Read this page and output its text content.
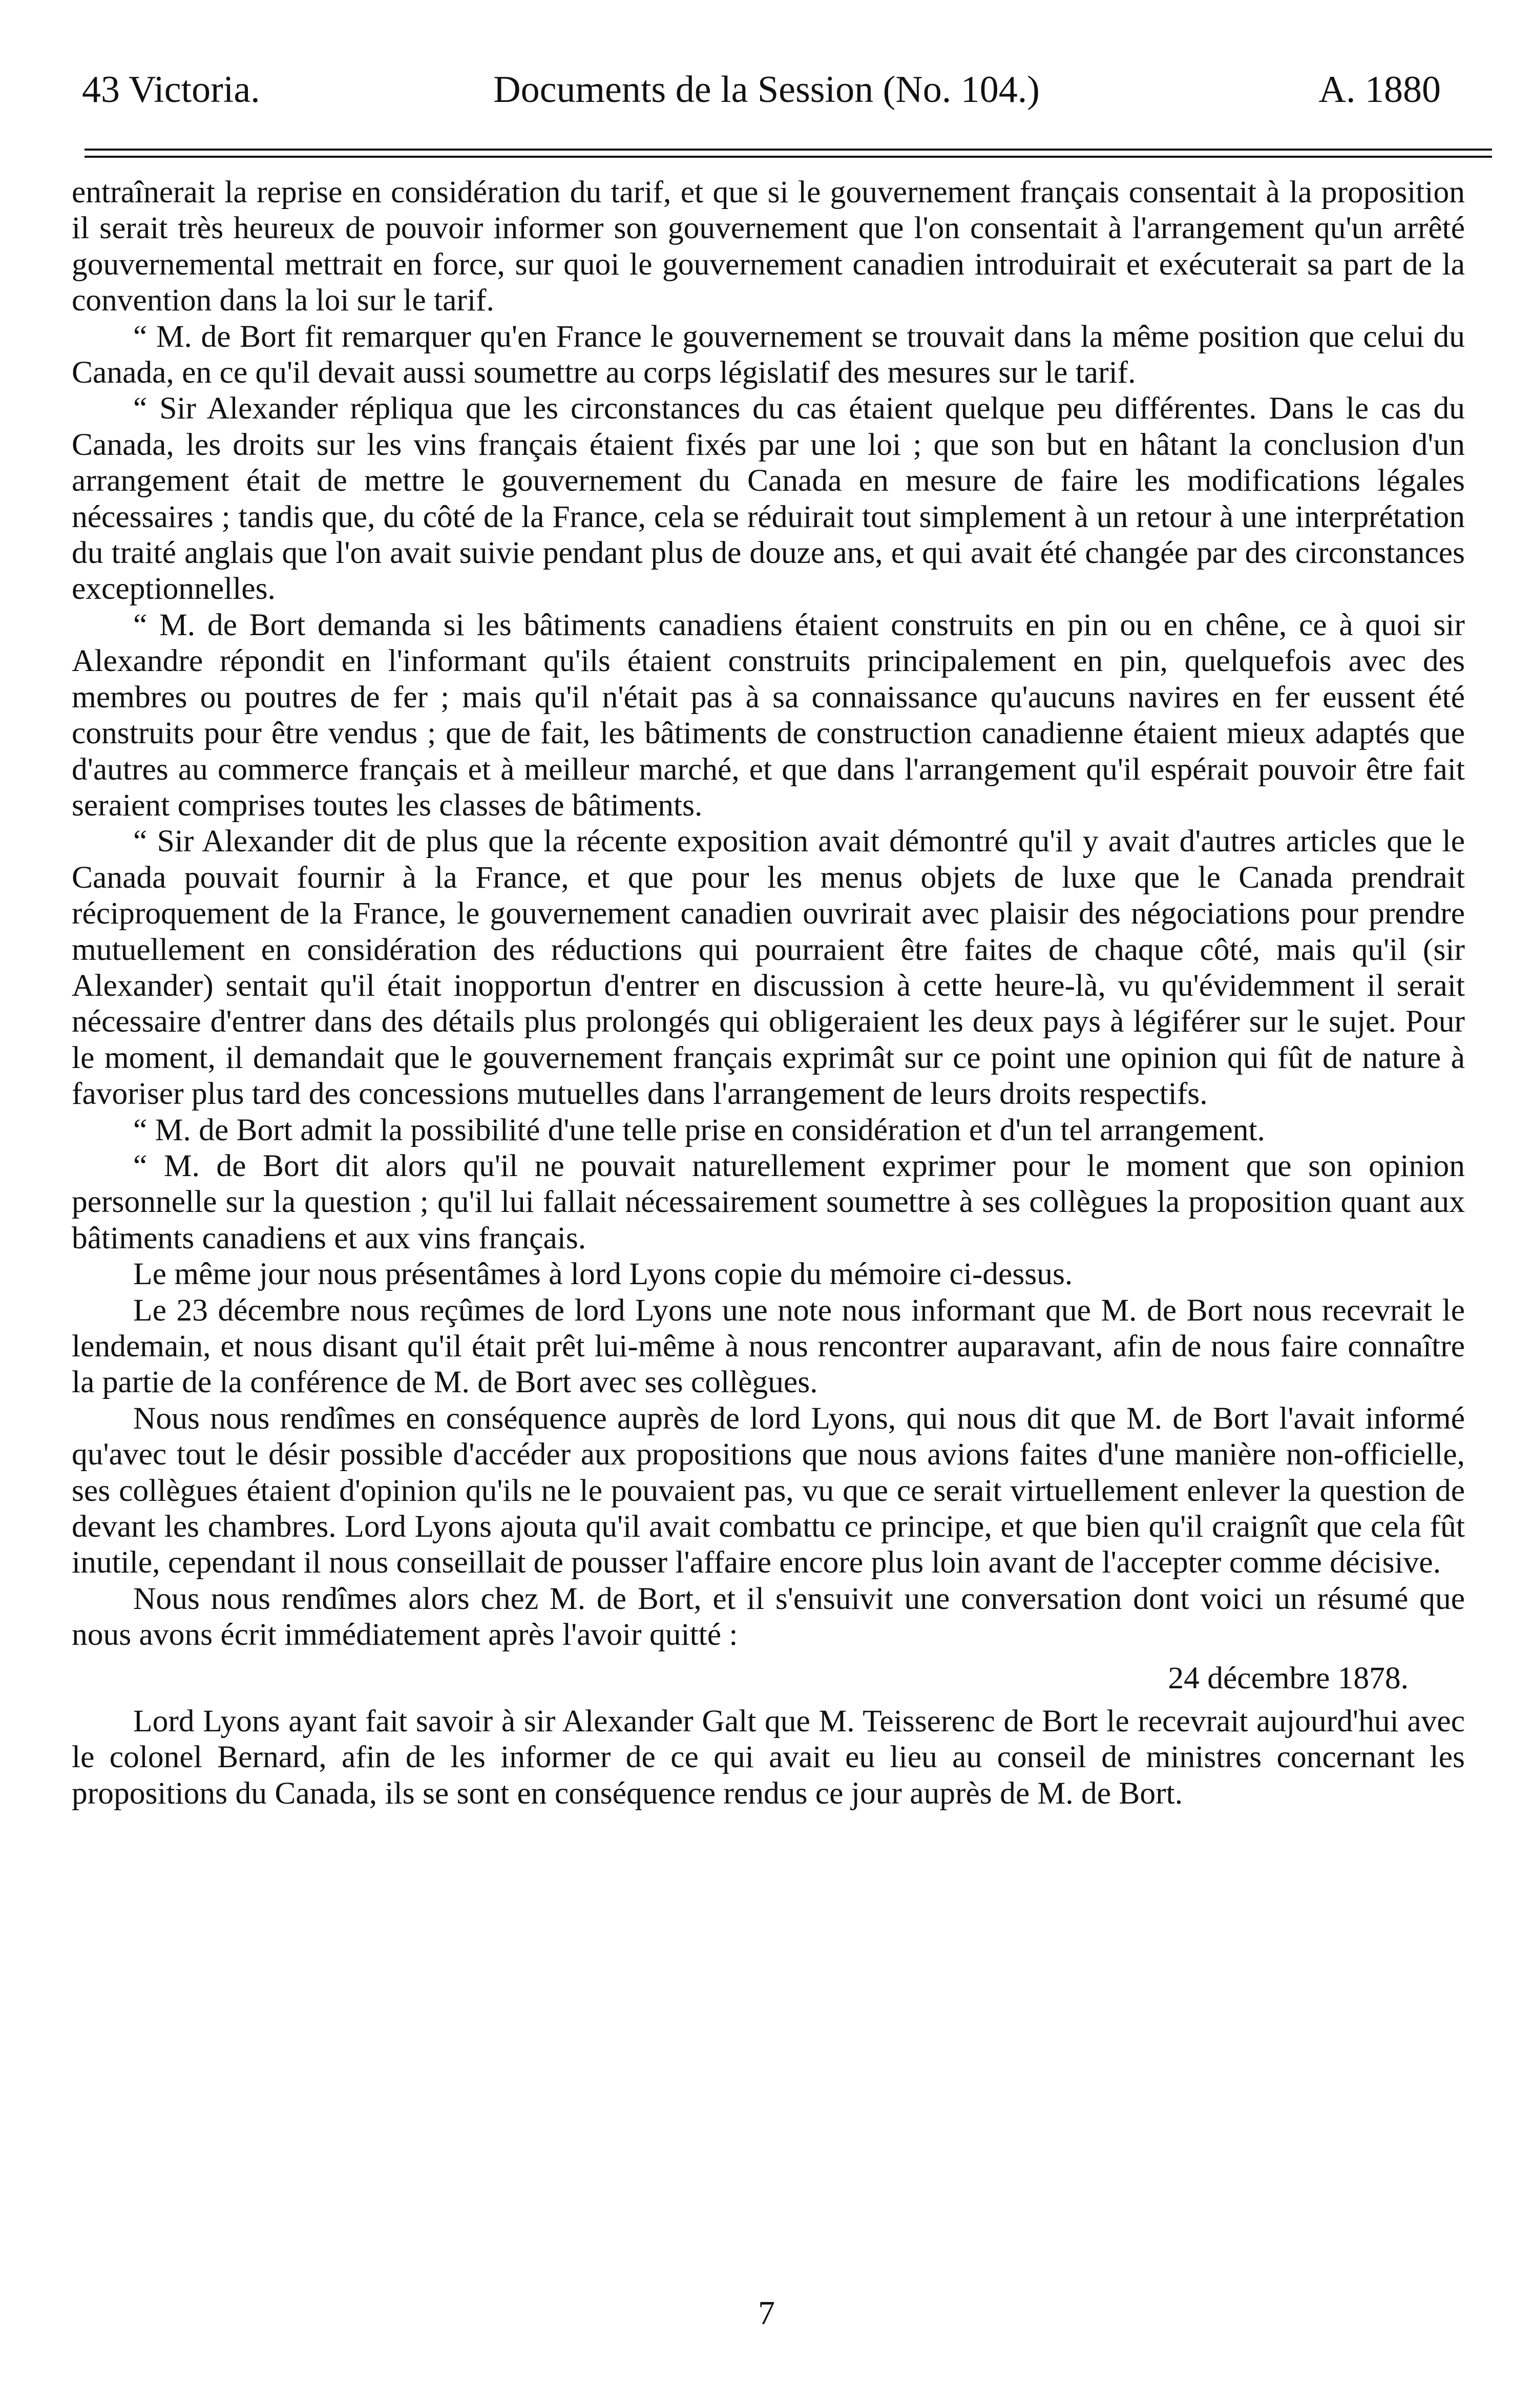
43 Victoria.	Documents de la Session (No. 104.)	A. 1880

entraînerait la reprise en considération du tarif, et que si le gouvernement français consentait à la proposition il serait très heureux de pouvoir informer son gouvernement que l'on consentait à l'arrangement qu'un arrêté gouvernemental mettrait en force, sur quoi le gouvernement canadien introduirait et exécuterait sa part de la convention dans la loi sur le tarif.

“ M. de Bort fit remarquer qu'en France le gouvernement se trouvait dans la même position que celui du Canada, en ce qu'il devait aussi soumettre au corps législatif des mesures sur le tarif.

“ Sir Alexander répliqua que les circonstances du cas étaient quelque peu différentes. Dans le cas du Canada, les droits sur les vins français étaient fixés par une loi ; que son but en hâtant la conclusion d'un arrangement était de mettre le gouvernement du Canada en mesure de faire les modifications légales nécessaires ; tandis que, du côté de la France, cela se réduirait tout simplement à un retour à une interprétation du traité anglais que l'on avait suivie pendant plus de douze ans, et qui avait été changée par des circonstances exceptionnelles.

“ M. de Bort demanda si les bâtiments canadiens étaient construits en pin ou en chêne, ce à quoi sir Alexandre répondit en l'informant qu'ils étaient construits principalement en pin, quelquefois avec des membres ou poutres de fer ; mais qu'il n'était pas à sa connaissance qu'aucuns navires en fer eussent été construits pour être vendus ; que de fait, les bâtiments de construction canadienne étaient mieux adaptés que d'autres au commerce français et à meilleur marché, et que dans l'arrangement qu'il espérait pouvoir être fait seraient comprises toutes les classes de bâtiments.

“ Sir Alexander dit de plus que la récente exposition avait démontré qu'il y avait d'autres articles que le Canada pouvait fournir à la France, et que pour les menus objets de luxe que le Canada prendrait réciproquement de la France, le gouvernement canadien ouvrirait avec plaisir des négociations pour prendre mutuellement en considération des réductions qui pourraient être faites de chaque côté, mais qu'il (sir Alexander) sentait qu'il était inopportun d'entrer en discussion à cette heure-là, vu qu'évidemment il serait nécessaire d'entrer dans des détails plus prolongés qui obligeraient les deux pays à légiférer sur le sujet. Pour le moment, il demandait que le gouvernement français exprimât sur ce point une opinion qui fût de nature à favoriser plus tard des concessions mutuelles dans l'arrangement de leurs droits respectifs.

“ M. de Bort admit la possibilité d'une telle prise en considération et d'un tel arrangement.

“ M. de Bort dit alors qu'il ne pouvait naturellement exprimer pour le moment que son opinion personnelle sur la question ; qu'il lui fallait nécessairement soumettre à ses collègues la proposition quant aux bâtiments canadiens et aux vins français.

Le même jour nous présentâmes à lord Lyons copie du mémoire ci-dessus.

Le 23 décembre nous reçûmes de lord Lyons une note nous informant que M. de Bort nous recevrait le lendemain, et nous disant qu'il était prêt lui-même à nous rencontrer auparavant, afin de nous faire connaître la partie de la conférence de M. de Bort avec ses collègues.

Nous nous rendîmes en conséquence auprès de lord Lyons, qui nous dit que M. de Bort l'avait informé qu'avec tout le désir possible d'accéder aux propositions que nous avions faites d'une manière non-officielle, ses collègues étaient d'opinion qu'ils ne le pouvaient pas, vu que ce serait virtuellement enlever la question de devant les chambres. Lord Lyons ajouta qu'il avait combattu ce principe, et que bien qu'il craignît que cela fût inutile, cependant il nous conseillait de pousser l'affaire encore plus loin avant de l'accepter comme décisive.

Nous nous rendîmes alors chez M. de Bort, et il s'ensuivit une conversation dont voici un résumé que nous avons écrit immédiatement après l'avoir quitté :

24 décembre 1878.

Lord Lyons ayant fait savoir à sir Alexander Galt que M. Teisserenc de Bort le recevrait aujourd'hui avec le colonel Bernard, afin de les informer de ce qui avait eu lieu au conseil de ministres concernant les propositions du Canada, ils se sont en conséquence rendus ce jour auprès de M. de Bort.

7
